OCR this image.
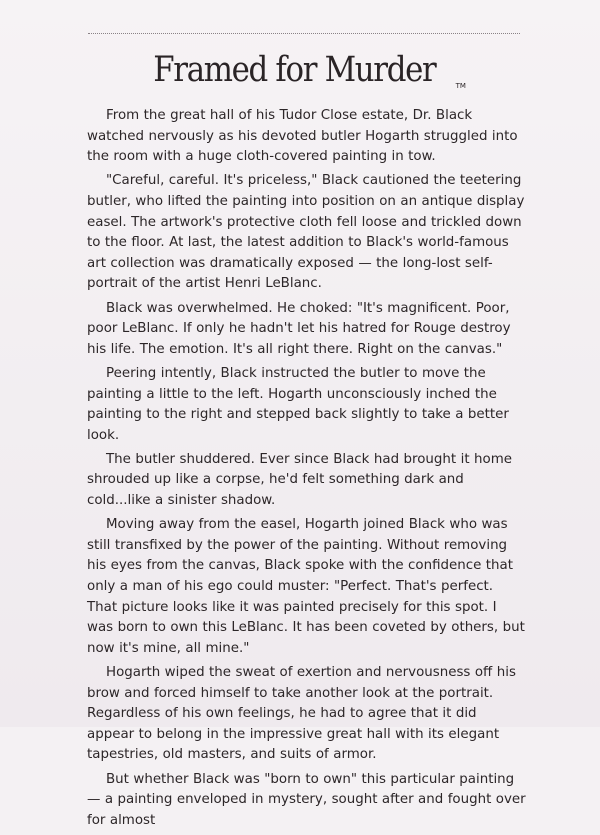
Framed for Murder	TM

From the great hall of his Tudor Close estate, Dr. Black watched nervously as his devoted butler Hogarth struggled into the room with a huge cloth-covered painting in tow.

"Careful, careful. It's priceless," Black cautioned the teetering butler, who lifted the painting into position on an antique display easel. The artwork's protective cloth fell loose and trickled down to the floor. At last, the latest addition to Black's world-famous art collection was dramatically exposed — the long-lost self-portrait of the artist Henri LeBlanc.

Black was overwhelmed. He choked: "It's magnificent. Poor, poor LeBlanc. If only he hadn't let his hatred for Rouge destroy his life. The emotion. It's all right there. Right on the canvas."

Peering intently, Black instructed the butler to move the painting a little to the left. Hogarth unconsciously inched the painting to the right and stepped back slightly to take a better look.

The butler shuddered. Ever since Black had brought it home shrouded up like a corpse, he'd felt something dark and cold...like a sinister shadow.

Moving away from the easel, Hogarth joined Black who was still transfixed by the power of the painting. Without removing his eyes from the canvas, Black spoke with the confidence that only a man of his ego could muster: "Perfect. That's perfect. That picture looks like it was painted precisely for this spot. I was born to own this LeBlanc. It has been coveted by others, but now it's mine, all mine."

Hogarth wiped the sweat of exertion and nervousness off his brow and forced himself to take another look at the portrait. Regardless of his own feelings, he had to agree that it did appear to belong in the impressive great hall with its elegant tapestries, old masters, and suits of armor.

But whether Black was "born to own" this particular painting — a painting enveloped in mystery, sought after and fought over for almost
